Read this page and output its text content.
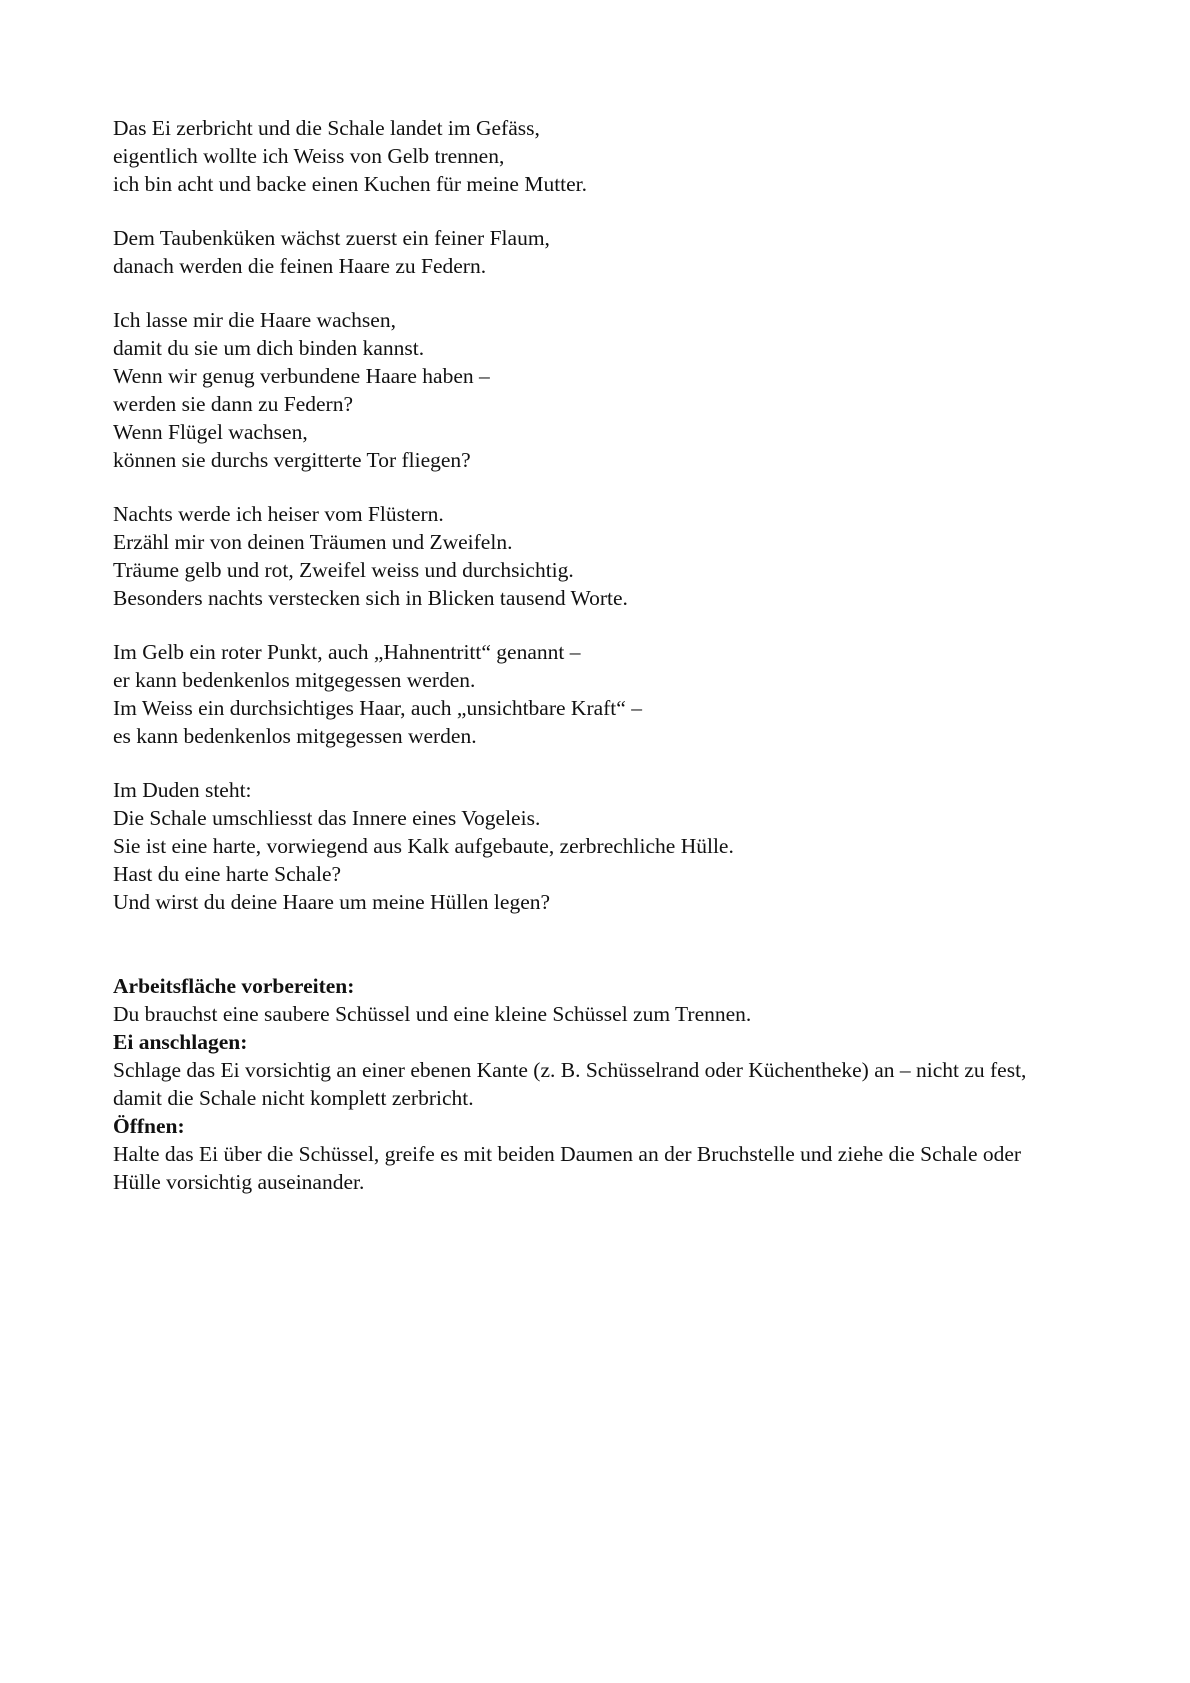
Das Ei zerbricht und die Schale landet im Gefäss,
eigentlich wollte ich Weiss von Gelb trennen,
ich bin acht und backe einen Kuchen für meine Mutter.
Dem Taubenküken wächst zuerst ein feiner Flaum,
danach werden die feinen Haare zu Federn.
Ich lasse mir die Haare wachsen,
damit du sie um dich binden kannst.
Wenn wir genug verbundene Haare haben –
werden sie dann zu Federn?
Wenn Flügel wachsen,
können sie durchs vergitterte Tor fliegen?
Nachts werde ich heiser vom Flüstern.
Erzähl mir von deinen Träumen und Zweifeln.
Träume gelb und rot, Zweifel weiss und durchsichtig.
Besonders nachts verstecken sich in Blicken tausend Worte.
Im Gelb ein roter Punkt, auch „Hahnentritt“ genannt –
er kann bedenkenlos mitgegessen werden.
Im Weiss ein durchsichtiges Haar, auch „unsichtbare Kraft“ –
es kann bedenkenlos mitgegessen werden.
Im Duden steht:
Die Schale umschliesst das Innere eines Vogeleis.
Sie ist eine harte, vorwiegend aus Kalk aufgebaute, zerbrechliche Hülle.
Hast du eine harte Schale?
Und wirst du deine Haare um meine Hüllen legen?
Arbeitsfläche vorbereiten:
Du brauchst eine saubere Schüssel und eine kleine Schüssel zum Trennen.
Ei anschlagen:
Schlage das Ei vorsichtig an einer ebenen Kante (z. B. Schüsselrand oder Küchentheke) an – nicht zu fest, damit die Schale nicht komplett zerbricht.
Öffnen:
Halte das Ei über die Schüssel, greife es mit beiden Daumen an der Bruchstelle und ziehe die Schale oder Hülle vorsichtig auseinander.
